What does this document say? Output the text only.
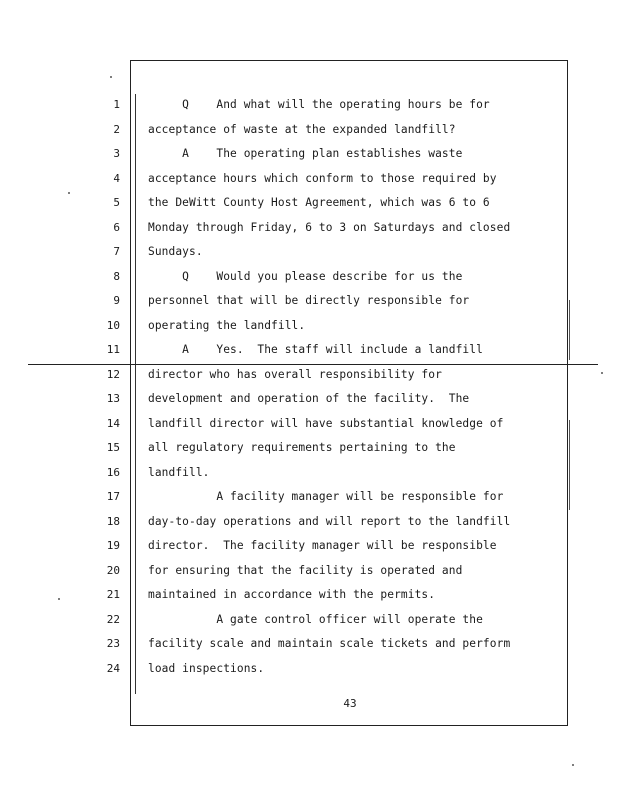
1	Q    And what will the operating hours be for
2	acceptance of waste at the expanded landfill?
3	A    The operating plan establishes waste
4	acceptance hours which conform to those required by
5	the DeWitt County Host Agreement, which was 6 to 6
6	Monday through Friday, 6 to 3 on Saturdays and closed
7	Sundays.
8	Q    Would you please describe for us the
9	personnel that will be directly responsible for
10	operating the landfill.
11	A    Yes.  The staff will include a landfill
12	director who has overall responsibility for
13	development and operation of the facility.  The
14	landfill director will have substantial knowledge of
15	all regulatory requirements pertaining to the
16	landfill.
17	A facility manager will be responsible for
18	day-to-day operations and will report to the landfill
19	director.  The facility manager will be responsible
20	for ensuring that the facility is operated and
21	maintained in accordance with the permits.
22	A gate control officer will operate the
23	facility scale and maintain scale tickets and perform
24	load inspections.
43
